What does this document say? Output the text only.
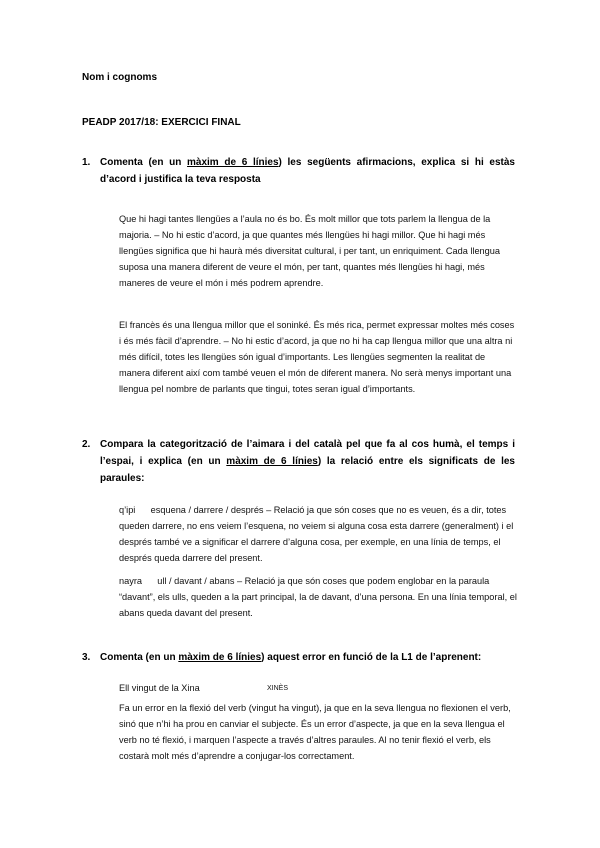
Nom i cognoms
PEADP 2017/18: EXERCICI FINAL
1. Comenta (en un màxim de 6 línies) les següents afirmacions, explica si hi estàs d’acord i justifica la teva resposta
Que hi hagi tantes llengües a l’aula no és bo. És molt millor que tots parlem la llengua de la majoria. – No hi estic d’acord, ja que quantes més llengües hi hagi millor. Que hi hagi més llengües significa que hi haurà més diversitat cultural, i per tant, un enriquiment. Cada llengua suposa una manera diferent de veure el món, per tant, quantes més llengües hi hagi, més maneres de veure el món i més podrem aprendre.
El francès és una llengua millor que el soninké. És més rica, permet expressar moltes més coses i és més fàcil d’aprendre. – No hi estic d’acord, ja que no hi ha cap llengua millor que una altra ni més difícil, totes les llengües són igual d’importants. Les llengües segmenten la realitat de manera diferent així com també veuen el món de diferent manera. No serà menys important una llengua pel nombre de parlants que tingui, totes seran igual d’importants.
2. Compara la categorització de l’aimara i del català pel que fa al cos humà, el temps i l’espai, i explica (en un màxim de 6 línies) la relació entre els significats de les paraules:
q’ipi      esquena / darrere / després – Relació ja que són coses que no es veuen, és a dir, totes queden darrere, no ens veiem l’esquena, no veiem si alguna cosa esta darrere (generalment) i el després també ve a significar el darrere d’alguna cosa, per exemple, en una línia de temps, el després queda darrere del present.
nayra      ull / davant / abans – Relació ja que són coses que podem englobar en la paraula “davant”, els ulls, queden a la part principal, la de davant, d’una persona. En una línia temporal, el abans queda davant del present.
3. Comenta (en un màxim de 6 línies) aquest error en funció de la L1 de l’aprenent:
Ell vingut de la Xina	XINÈS
Fa un error en la flexió del verb (vingut ha vingut), ja que en la seva llengua no flexionen el verb, sinó que n’hi ha prou en canviar el subjecte. És un error d’aspecte, ja que en la seva llengua el verb no té flexió, i marquen l’aspecte a través d’altres paraules. Al no tenir flexió el verb, els costarà molt més d’aprendre a conjugar-los correctament.
